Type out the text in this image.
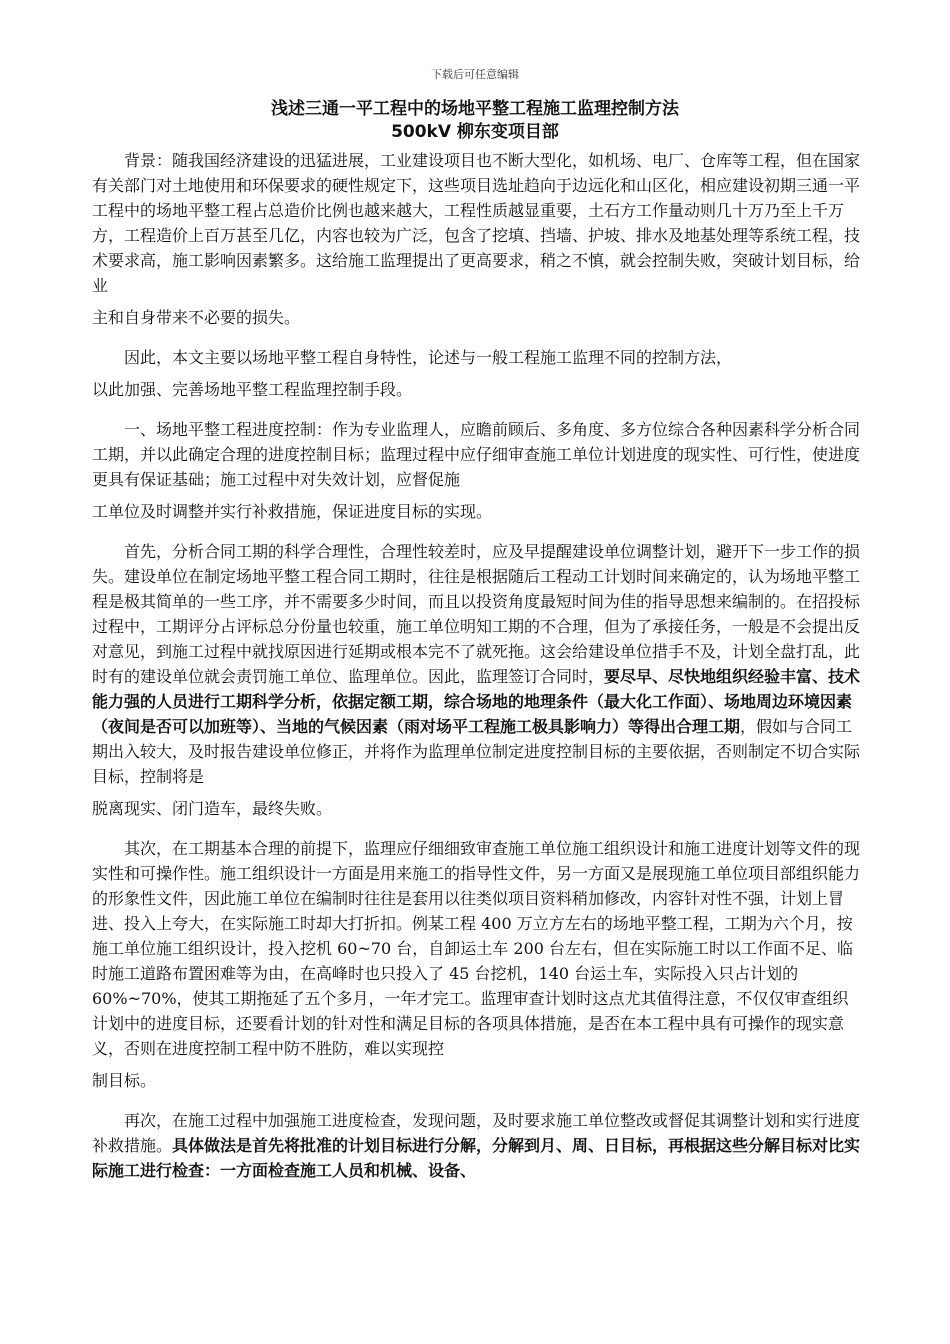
下载后可任意编辑
浅述三通一平工程中的场地平整工程施工监理控制方法
500kV 柳东变项目部

背景：随我国经济建设的迅猛进展，工业建设项目也不断大型化，如机场、电厂、仓库等工程，但在国家有关部门对土地使用和环保要求的硬性规定下，这些项目选址趋向于边远化和山区化，相应建设初期三通一平工程中的场地平整工程占总造价比例也越来越大，工程性质越显重要，土石方工作量动则几十万乃至上千万方，工程造价上百万甚至几亿，内容也较为广泛，包含了挖填、挡墙、护坡、排水及地基处理等系统工程，技术要求高，施工影响因素繁多。这给施工监理提出了更高要求，稍之不慎，就会控制失败，突破计划目标，给业

主和自身带来不必要的损失。

因此，本文主要以场地平整工程自身特性，论述与一般工程施工监理不同的控制方法，

以此加强、完善场地平整工程监理控制手段。

一、场地平整工程进度控制：作为专业监理人，应瞻前顾后、多角度、多方位综合各种因素科学分析合同工期，并以此确定合理的进度控制目标；监理过程中应仔细审查施工单位计划进度的现实性、可行性，使进度更具有保证基础；施工过程中对失效计划，应督促施

工单位及时调整并实行补救措施，保证进度目标的实现。

首先，分析合同工期的科学合理性，合理性较差时，应及早提醒建设单位调整计划，避开下一步工作的损失。建设单位在制定场地平整工程合同工期时，往往是根据随后工程动工计划时间来确定的，认为场地平整工程是极其简单的一些工序，并不需要多少时间，而且以投资角度最短时间为佳的指导思想来编制的。在招投标过程中，工期评分占评标总分份量也较重，施工单位明知工期的不合理，但为了承接任务，一般是不会提出反对意见，到施工过程中就找原因进行延期或根本完不了就死拖。这会给建设单位措手不及，计划全盘打乱，此时有的建设单位就会责罚施工单位、监理单位。因此，监理签订合同时，要尽早、尽快地组织经验丰富、技术能力强的人员进行工期科学分析，依据定额工期，综合场地的地理条件（最大化工作面）、场地周边环境因素（夜间是否可以加班等）、当地的气候因素（雨对场平工程施工极具影响力）等得出合理工期，假如与合同工期出入较大，及时报告建设单位修正，并将作为监理单位制定进度控制目标的主要依据，否则制定不切合实际目标，控制将是

脱离现实、闭门造车，最终失败。

其次，在工期基本合理的前提下，监理应仔细细致审查施工单位施工组织设计和施工进度计划等文件的现实性和可操作性。施工组织设计一方面是用来施工的指导性文件，另一方面又是展现施工单位项目部组织能力的形象性文件，因此施工单位在编制时往往是套用以往类似项目资料稍加修改，内容针对性不强，计划上冒进、投入上夸大，在实际施工时却大打折扣。例某工程 400 万立方左右的场地平整工程，工期为六个月，按施工单位施工组织设计，投入挖机 60~70 台，自卸运土车 200 台左右，但在实际施工时以工作面不足、临时施工道路布置困难等为由，在高峰时也只投入了 45 台挖机，140 台运土车，实际投入只占计划的 60%~70%，使其工期拖延了五个多月，一年才完工。监理审查计划时这点尤其值得注意，不仅仅审查组织计划中的进度目标，还要看计划的针对性和满足目标的各项具体措施，是否在本工程中具有可操作的现实意义，否则在进度控制工程中防不胜防，难以实现控

制目标。

再次，在施工过程中加强施工进度检查，发现问题，及时要求施工单位整改或督促其调整计划和实行进度补救措施。具体做法是首先将批准的计划目标进行分解，分解到月、周、日目标，再根据这些分解目标对比实际施工进行检查：一方面检查施工人员和机械、设备、
